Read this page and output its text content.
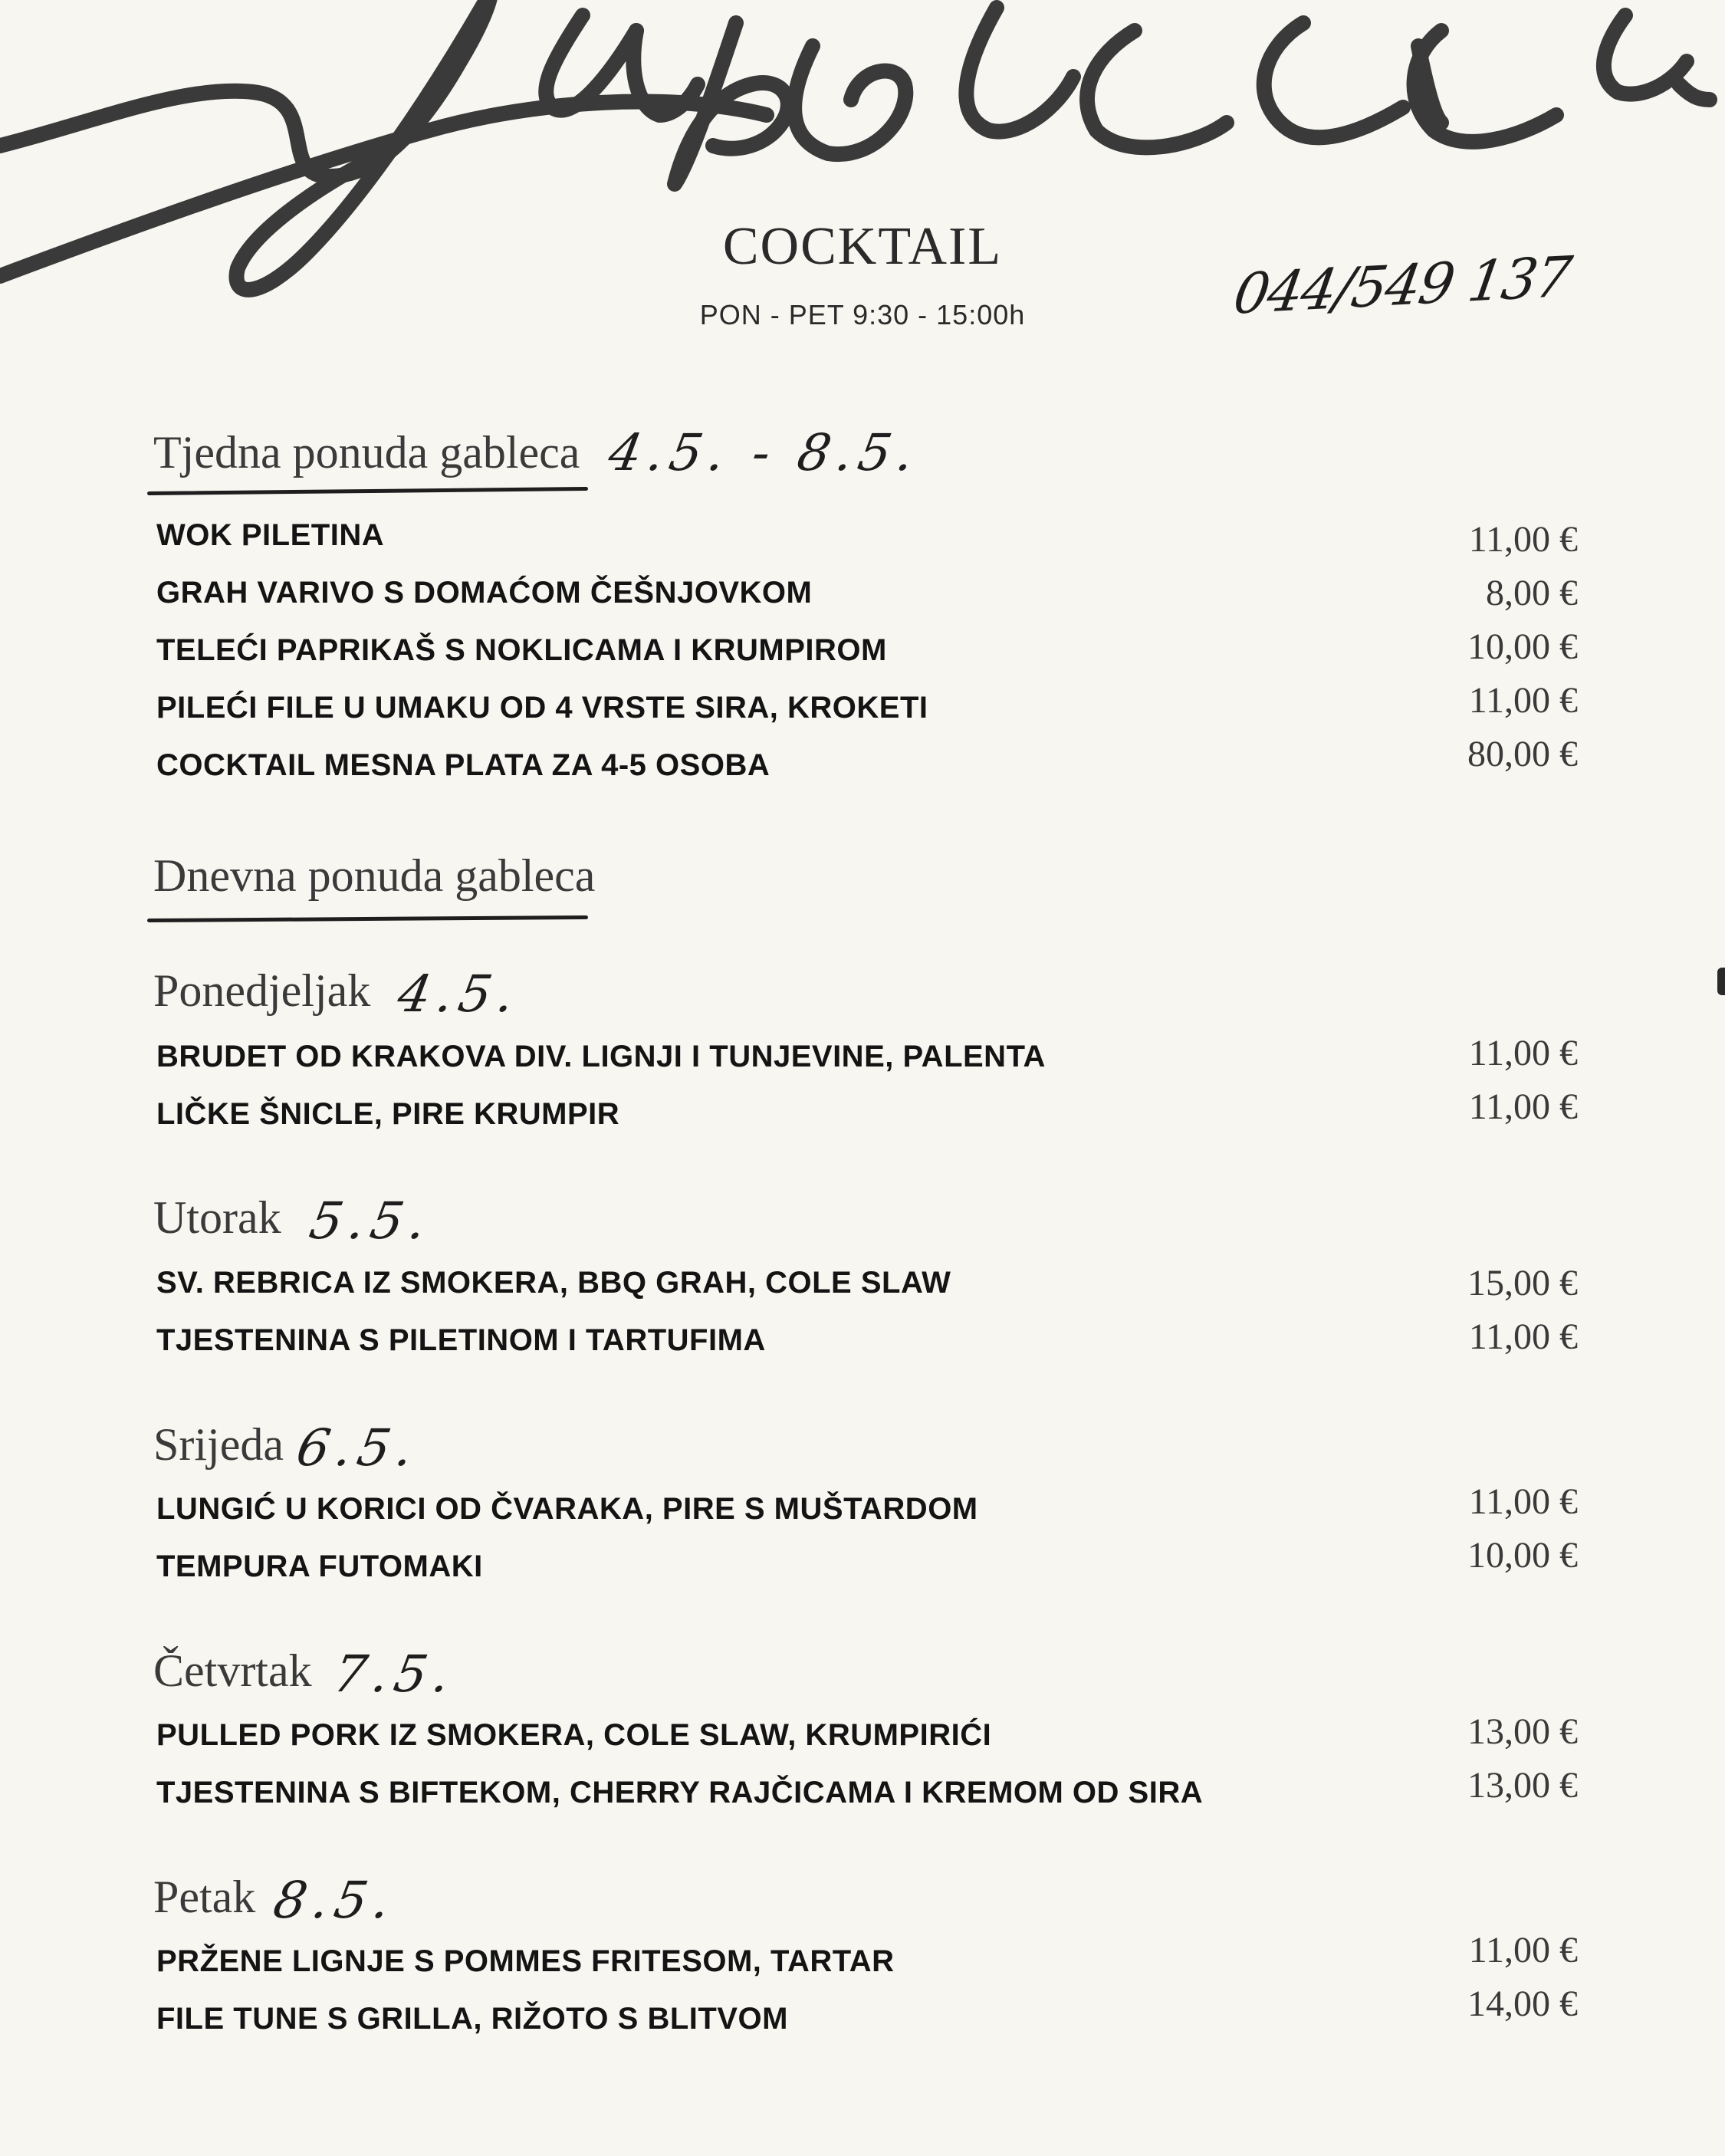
COCKTAIL
PON - PET 9:30 - 15:00h	044/549 137
Tjedna ponuda gableca 4.5. - 8.5.
WOK PILETINA	11,00 €
GRAH VARIVO S DOMAĆOM ČEŠNJOVKOM	8,00 €
TELEĆI PAPRIKAŠ S NOKLICAMA I KRUMPIROM	10,00 €
PILEĆI FILE U UMAKU OD 4 VRSTE SIRA, KROKETI	11,00 €
COCKTAIL MESNA PLATA ZA 4-5 OSOBA	80,00 €
Dnevna ponuda gableca
Ponedjeljak 4.5.
BRUDET OD KRAKOVA DIV. LIGNJI I TUNJEVINE, PALENTA	11,00 €
LIČKE ŠNICLE, PIRE KRUMPIR	11,00 €
Utorak 5.5.
SV. REBRICA IZ SMOKERA, BBQ GRAH, COLE SLAW	15,00 €
TJESTENINA S PILETINOM I TARTUFIMA	11,00 €
Srijeda 6.5.
LUNGIĆ U KORICI OD ČVARAKA, PIRE S MUŠTARDOM	11,00 €
TEMPURA FUTOMAKI	10,00 €
Četvrtak 7.5.
PULLED PORK IZ SMOKERA, COLE SLAW, KRUMPIRIĆI	13,00 €
TJESTENINA S BIFTEKOM, CHERRY RAJČICAMA I KREMOM OD SIRA	13,00 €
Petak 8.5.
PRŽENE LIGNJE S POMMES FRITESOM, TARTAR	11,00 €
FILE TUNE S GRILLA, RIŽOTO S BLITVOM	14,00 €
